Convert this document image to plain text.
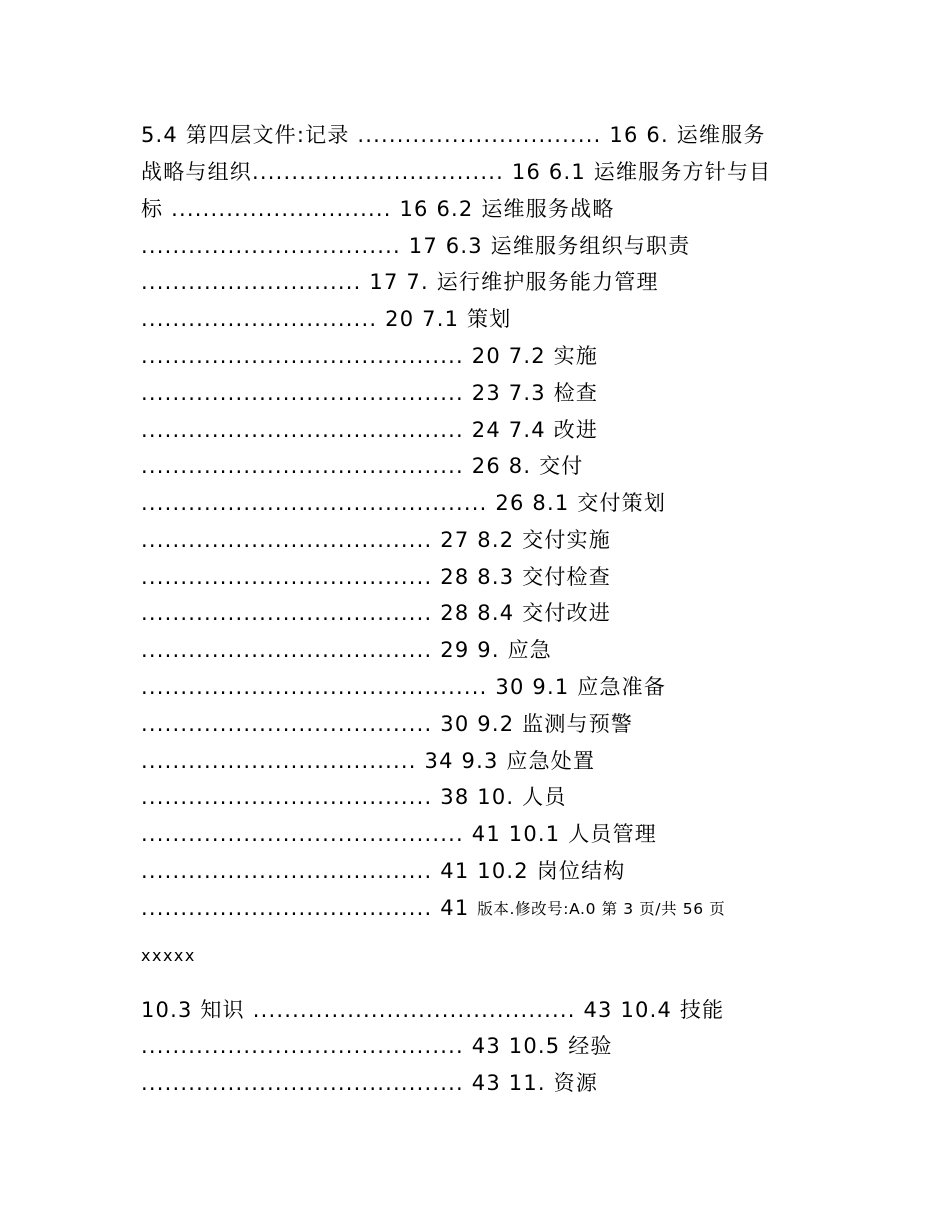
5.4 第四层文件:记录 ............................... 16 6. 运维服务
战略与组织................................ 16 6.1 运维服务方针与目
标 ............................ 16 6.2 运维服务战略
................................. 17 6.3 运维服务组织与职责
............................ 17 7. 运行维护服务能力管理
.............................. 20 7.1 策划
......................................... 20 7.2 实施
......................................... 23 7.3 检查
......................................... 24 7.4 改进
......................................... 26 8. 交付
............................................ 26 8.1 交付策划
..................................... 27 8.2 交付实施
..................................... 28 8.3 交付检查
..................................... 28 8.4 交付改进
..................................... 29 9. 应急
............................................ 30 9.1 应急准备
..................................... 30 9.2 监测与预警
................................... 34 9.3 应急处置
..................................... 38 10. 人员
......................................... 41 10.1 人员管理
..................................... 41 10.2 岗位结构
..................................... 41 版本.修改号:A.0 第 3 页/共 56 页
xxxxx
10.3 知识 ......................................... 43 10.4 技能
......................................... 43 10.5 经验
......................................... 43 11. 资源
